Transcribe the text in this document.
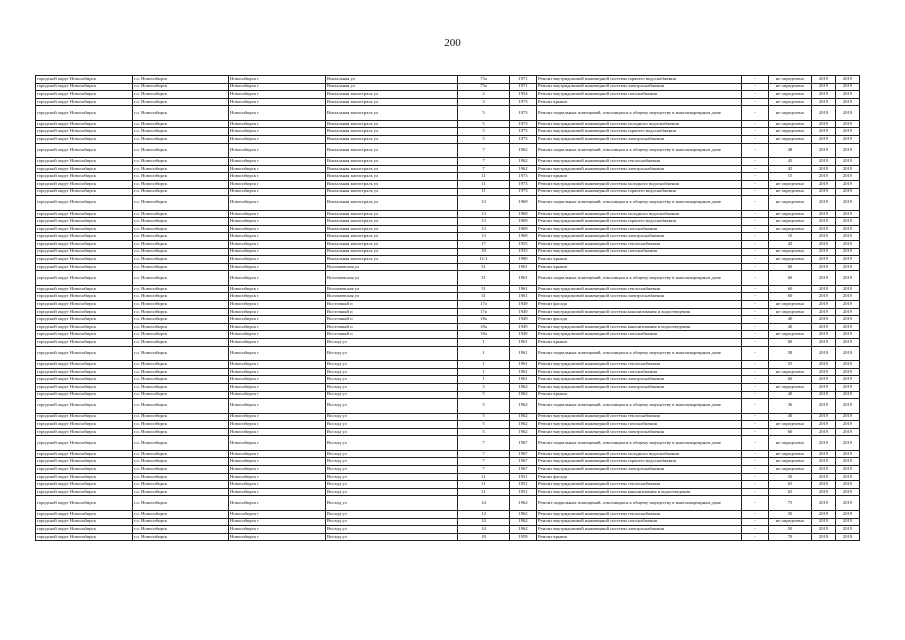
200
городской округ Новосибирск	г.о. Новосибирск	Новосибирск г	Вокзальная ул	75а	1971	Ремонт внутридомовой инженерной системы горячего водоснабжения	-	не определено	2019	2019
городской округ Новосибирск	г.о. Новосибирск	Новосибирск г	Вокзальная ул	75а	1971	Ремонт внутридомовой инженерной системы электроснабжения	-	не определено	2019	2019
городской округ Новосибирск	г.о. Новосибирск	Новосибирск г	Вокзальная магистраль ул	2	1954	Ремонт внутридомовой инженерной системы газоснабжения	-	не определено	2019	2019
городской округ Новосибирск	г.о. Новосибирск	Новосибирск г	Вокзальная магистраль ул	3	1973	Ремонт крыши	-	не определено	2019	2019
городской округ Новосибирск	г.о. Новосибирск	Новосибирск г	Вокзальная магистраль ул	5	1973	Ремонт подвальных помещений, относящихся к общему имуществу в многоквартирном доме	-	не определено	2019	2019
городской округ Новосибирск	г.о. Новосибирск	Новосибирск г	Вокзальная магистраль ул	5	1973	Ремонт внутридомовой инженерной системы холодного водоснабжения	-	не определено	2019	2019
городской округ Новосибирск	г.о. Новосибирск	Новосибирск г	Вокзальная магистраль ул	5	1973	Ремонт внутридомовой инженерной системы горячего водоснабжения	-	не определено	2019	2019
городской округ Новосибирск	г.о. Новосибирск	Новосибирск г	Вокзальная магистраль ул	5	1973	Ремонт внутридомовой инженерной системы электроснабжения	-	не определено	2019	2019
городской округ Новосибирск	г.о. Новосибирск	Новосибирск г	Вокзальная магистраль ул	7	1962	Ремонт подвальных помещений, относящихся к общему имуществу в многоквартирном доме	-	48	2019	2019
городской округ Новосибирск	г.о. Новосибирск	Новосибирск г	Вокзальная магистраль ул	7	1962	Ремонт внутридомовой инженерной системы теплоснабжения	-	45	2019	2019
городской округ Новосибирск	г.о. Новосибирск	Новосибирск г	Вокзальная магистраль ул	7	1962	Ремонт внутридомовой инженерной системы электроснабжения	-	45	2019	2019
городской округ Новосибирск	г.о. Новосибирск	Новосибирск г	Вокзальная магистраль ул	11	1973	Ремонт крыши	-	15	2019	2019
городской округ Новосибирск	г.о. Новосибирск	Новосибирск г	Вокзальная магистраль ул	11	1973	Ремонт внутридомовой инженерной системы холодного водоснабжения	-	не определено	2019	2019
городской округ Новосибирск	г.о. Новосибирск	Новосибирск г	Вокзальная магистраль ул	11	1973	Ремонт внутридомовой инженерной системы горячего водоснабжения	-	не определено	2019	2019
городской округ Новосибирск	г.о. Новосибирск	Новосибирск г	Вокзальная магистраль ул	13	1969	Ремонт подвальных помещений, относящихся к общему имуществу в многоквартирном доме	-	не определено	2019	2019
городской округ Новосибирск	г.о. Новосибирск	Новосибирск г	Вокзальная магистраль ул	13	1969	Ремонт внутридомовой инженерной системы холодного водоснабжения	-	не определено	2019	2019
городской округ Новосибирск	г.о. Новосибирск	Новосибирск г	Вокзальная магистраль ул	13	1969	Ремонт внутридомовой инженерной системы горячего водоснабжения	-	не определено	2019	2019
городской округ Новосибирск	г.о. Новосибирск	Новосибирск г	Вокзальная магистраль ул	13	1969	Ремонт внутридомовой инженерной системы газоснабжения	-	не определено	2019	2019
городской округ Новосибирск	г.о. Новосибирск	Новосибирск г	Вокзальная магистраль ул	13	1969	Ремонт внутридомовой инженерной системы электроснабжения	-	10	2019	2019
городской округ Новосибирск	г.о. Новосибирск	Новосибирск г	Вокзальная магистраль ул	17	1955	Ремонт внутридомовой инженерной системы теплоснабжения	-	45	2019	2019
городской округ Новосибирск	г.о. Новосибирск	Новосибирск г	Вокзальная магистраль ул	18	1935	Ремонт внутридомовой инженерной системы газоснабжения	-	не определено	2019	2019
городской округ Новосибирск	г.о. Новосибирск	Новосибирск г	Вокзальная магистраль ул	11/1	1980	Ремонт крыши	-	не определено	2019	2019
городской округ Новосибирск	г.о. Новосибирск	Новосибирск г	Волочаевская ул	51	1961	Ремонт крыши	-	60	2019	2019
городской округ Новосибирск	г.о. Новосибирск	Новосибирск г	Волочаевская ул	51	1961	Ремонт подвальных помещений, относящихся к общему имуществу в многоквартирном доме	-	60	2019	2019
городской округ Новосибирск	г.о. Новосибирск	Новосибирск г	Волочаевская ул	51	1961	Ремонт внутридомовой инженерной системы теплоснабжения	-	60	2019	2019
городской округ Новосибирск	г.о. Новосибирск	Новосибирск г	Волочаевская ул	51	1961	Ремонт внутридомовой инженерной системы электроснабжения	-	60	2019	2019
городской округ Новосибирск	г.о. Новосибирск	Новосибирск г	Восточный п	17а	1949	Ремонт фасада	-	не определено	2019	2019
городской округ Новосибирск	г.о. Новосибирск	Новосибирск г	Восточный п	17а	1949	Ремонт внутридомовой инженерной системы канализования и водоотведения	-	не определено	2019	2019
городской округ Новосибирск	г.о. Новосибирск	Новосибирск г	Восточный п	18а	1949	Ремонт фасада	-	40	2019	2019
городской округ Новосибирск	г.о. Новосибирск	Новосибирск г	Восточный п	18а	1949	Ремонт внутридомовой инженерной системы канализования и водоотведения	-	40	2019	2019
городской округ Новосибирск	г.о. Новосибирск	Новосибирск г	Восточный п	18а	1949	Ремонт внутридомовой инженерной системы газоснабжения	-	не определено	2019	2019
городской округ Новосибирск	г.о. Новосибирск	Новосибирск г	Восход ул	1	1961	Ремонт крыши	-	60	2019	2019
городской округ Новосибирск	г.о. Новосибирск	Новосибирск г	Восход ул	1	1961	Ремонт подвальных помещений, относящихся к общему имуществу в многоквартирном доме	-	58	2019	2019
городской округ Новосибирск	г.о. Новосибирск	Новосибирск г	Восход ул	1	1961	Ремонт внутридомовой инженерной системы теплоснабжения	-	55	2019	2019
городской округ Новосибирск	г.о. Новосибирск	Новосибирск г	Восход ул	1	1961	Ремонт внутридомовой инженерной системы газоснабжения	-	не определено	2019	2019
городской округ Новосибирск	г.о. Новосибирск	Новосибирск г	Восход ул	1	1961	Ремонт внутридомовой инженерной системы электроснабжения	-	60	2019	2019
городской округ Новосибирск	г.о. Новосибирск	Новосибирск г	Восход ул	3	1962	Ремонт внутридомовой инженерной системы электроснабжения	-	не определено	2019	2019
городской округ Новосибирск	г.о. Новосибирск	Новосибирск г	Восход ул	5	1962	Ремонт крыши	-	40	2019	2019
городской округ Новосибирск	г.о. Новосибирск	Новосибирск г	Восход ул	5	1962	Ремонт подвальных помещений, относящихся к общему имуществу в многоквартирном доме	-	36	2019	2019
городской округ Новосибирск	г.о. Новосибирск	Новосибирск г	Восход ул	5	1962	Ремонт внутридомовой инженерной системы теплоснабжения	-	40	2019	2019
городской округ Новосибирск	г.о. Новосибирск	Новосибирск г	Восход ул	5	1962	Ремонт внутридомовой инженерной системы газоснабжения	-	не определено	2019	2019
городской округ Новосибирск	г.о. Новосибирск	Новосибирск г	Восход ул	5	1962	Ремонт внутридомовой инженерной системы электроснабжения	-	60	2019	2019
городской округ Новосибирск	г.о. Новосибирск	Новосибирск г	Восход ул	7	1967	Ремонт подвальных помещений, относящихся к общему имуществу в многоквартирном доме	-	не определено	2019	2019
городской округ Новосибирск	г.о. Новосибирск	Новосибирск г	Восход ул	7	1967	Ремонт внутридомовой инженерной системы холодного водоснабжения	-	не определено	2019	2019
городской округ Новосибирск	г.о. Новосибирск	Новосибирск г	Восход ул	7	1967	Ремонт внутридомовой инженерной системы горячего водоснабжения	-	не определено	2019	2019
городской округ Новосибирск	г.о. Новосибирск	Новосибирск г	Восход ул	7	1967	Ремонт внутридомовой инженерной системы электроснабжения	-	не определено	2019	2019
городской округ Новосибирск	г.о. Новосибирск	Новосибирск г	Восход ул	11	1951	Ремонт фасада	-	50	2019	2019
городской округ Новосибирск	г.о. Новосибирск	Новосибирск г	Восход ул	11	1951	Ремонт внутридомовой инженерной системы теплоснабжения	-	65	2019	2019
городской округ Новосибирск	г.о. Новосибирск	Новосибирск г	Восход ул	11	1951	Ремонт внутридомовой инженерной системы канализования и водоотведения	-	65	2019	2019
городской округ Новосибирск	г.о. Новосибирск	Новосибирск г	Восход ул	14	1962	Ремонт подвальных помещений, относящихся к общему имуществу в многоквартирном доме	-	75	2019	2019
городской округ Новосибирск	г.о. Новосибирск	Новосибирск г	Восход ул	14	1962	Ремонт внутридомовой инженерной системы теплоснабжения	-	50	2019	2019
городской округ Новосибирск	г.о. Новосибирск	Новосибирск г	Восход ул	14	1962	Ремонт внутридомовой инженерной системы газоснабжения	-	не определено	2019	2019
городской округ Новосибирск	г.о. Новосибирск	Новосибирск г	Восход ул	14	1962	Ремонт внутридомовой инженерной системы электроснабжения	-	50	2019	2019
городской округ Новосибирск	г.о. Новосибирск	Новосибирск г	Восход ул	18	1959	Ремонт крыши	-	70	2019	2019
